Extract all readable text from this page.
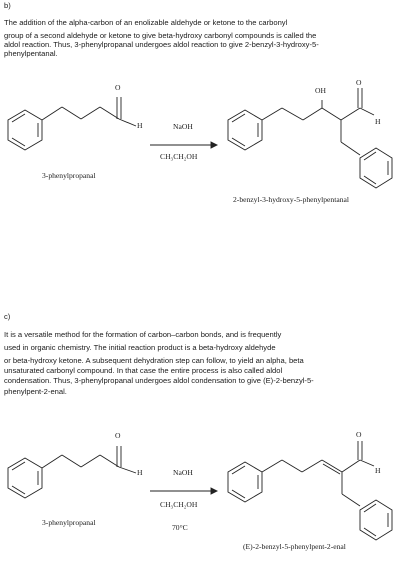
b)
The addition of the alpha-carbon of an enolizable aldehyde or ketone to the carbonyl
group of a second aldehyde or ketone to give beta-hydroxy carbonyl compounds is called the
aldol reaction. Thus, 3-phenylpropanal undergoes aldol reaction to give 2-benzyl-3-hydroxy-5-
phenylpentanal.
O
H	NaOH
CH₃CH₂OH
3-phenylpropanal
OH
O
H
2-benzyl-3-hydroxy-5-phenylpentanal
c)
It is a versatile method for the formation of carbon–carbon bonds, and is frequently
used in organic chemistry. The initial reaction product is a beta-hydroxy aldehyde
or beta-hydroxy ketone. A subsequent dehydration step can follow, to yield an alpha, beta
unsaturated carbonyl compound. In that case the entire process is also called aldol
condensation. Thus, 3-phenylpropanal undergoes aldol condensation to give (E)-2-benzyl-5-
phenylpent-2-enal.
O
H	NaOH
CH₃CH₂OH
70°C
3-phenylpropanal
O
H
(E)-2-benzyl-5-phenylpent-2-enal
